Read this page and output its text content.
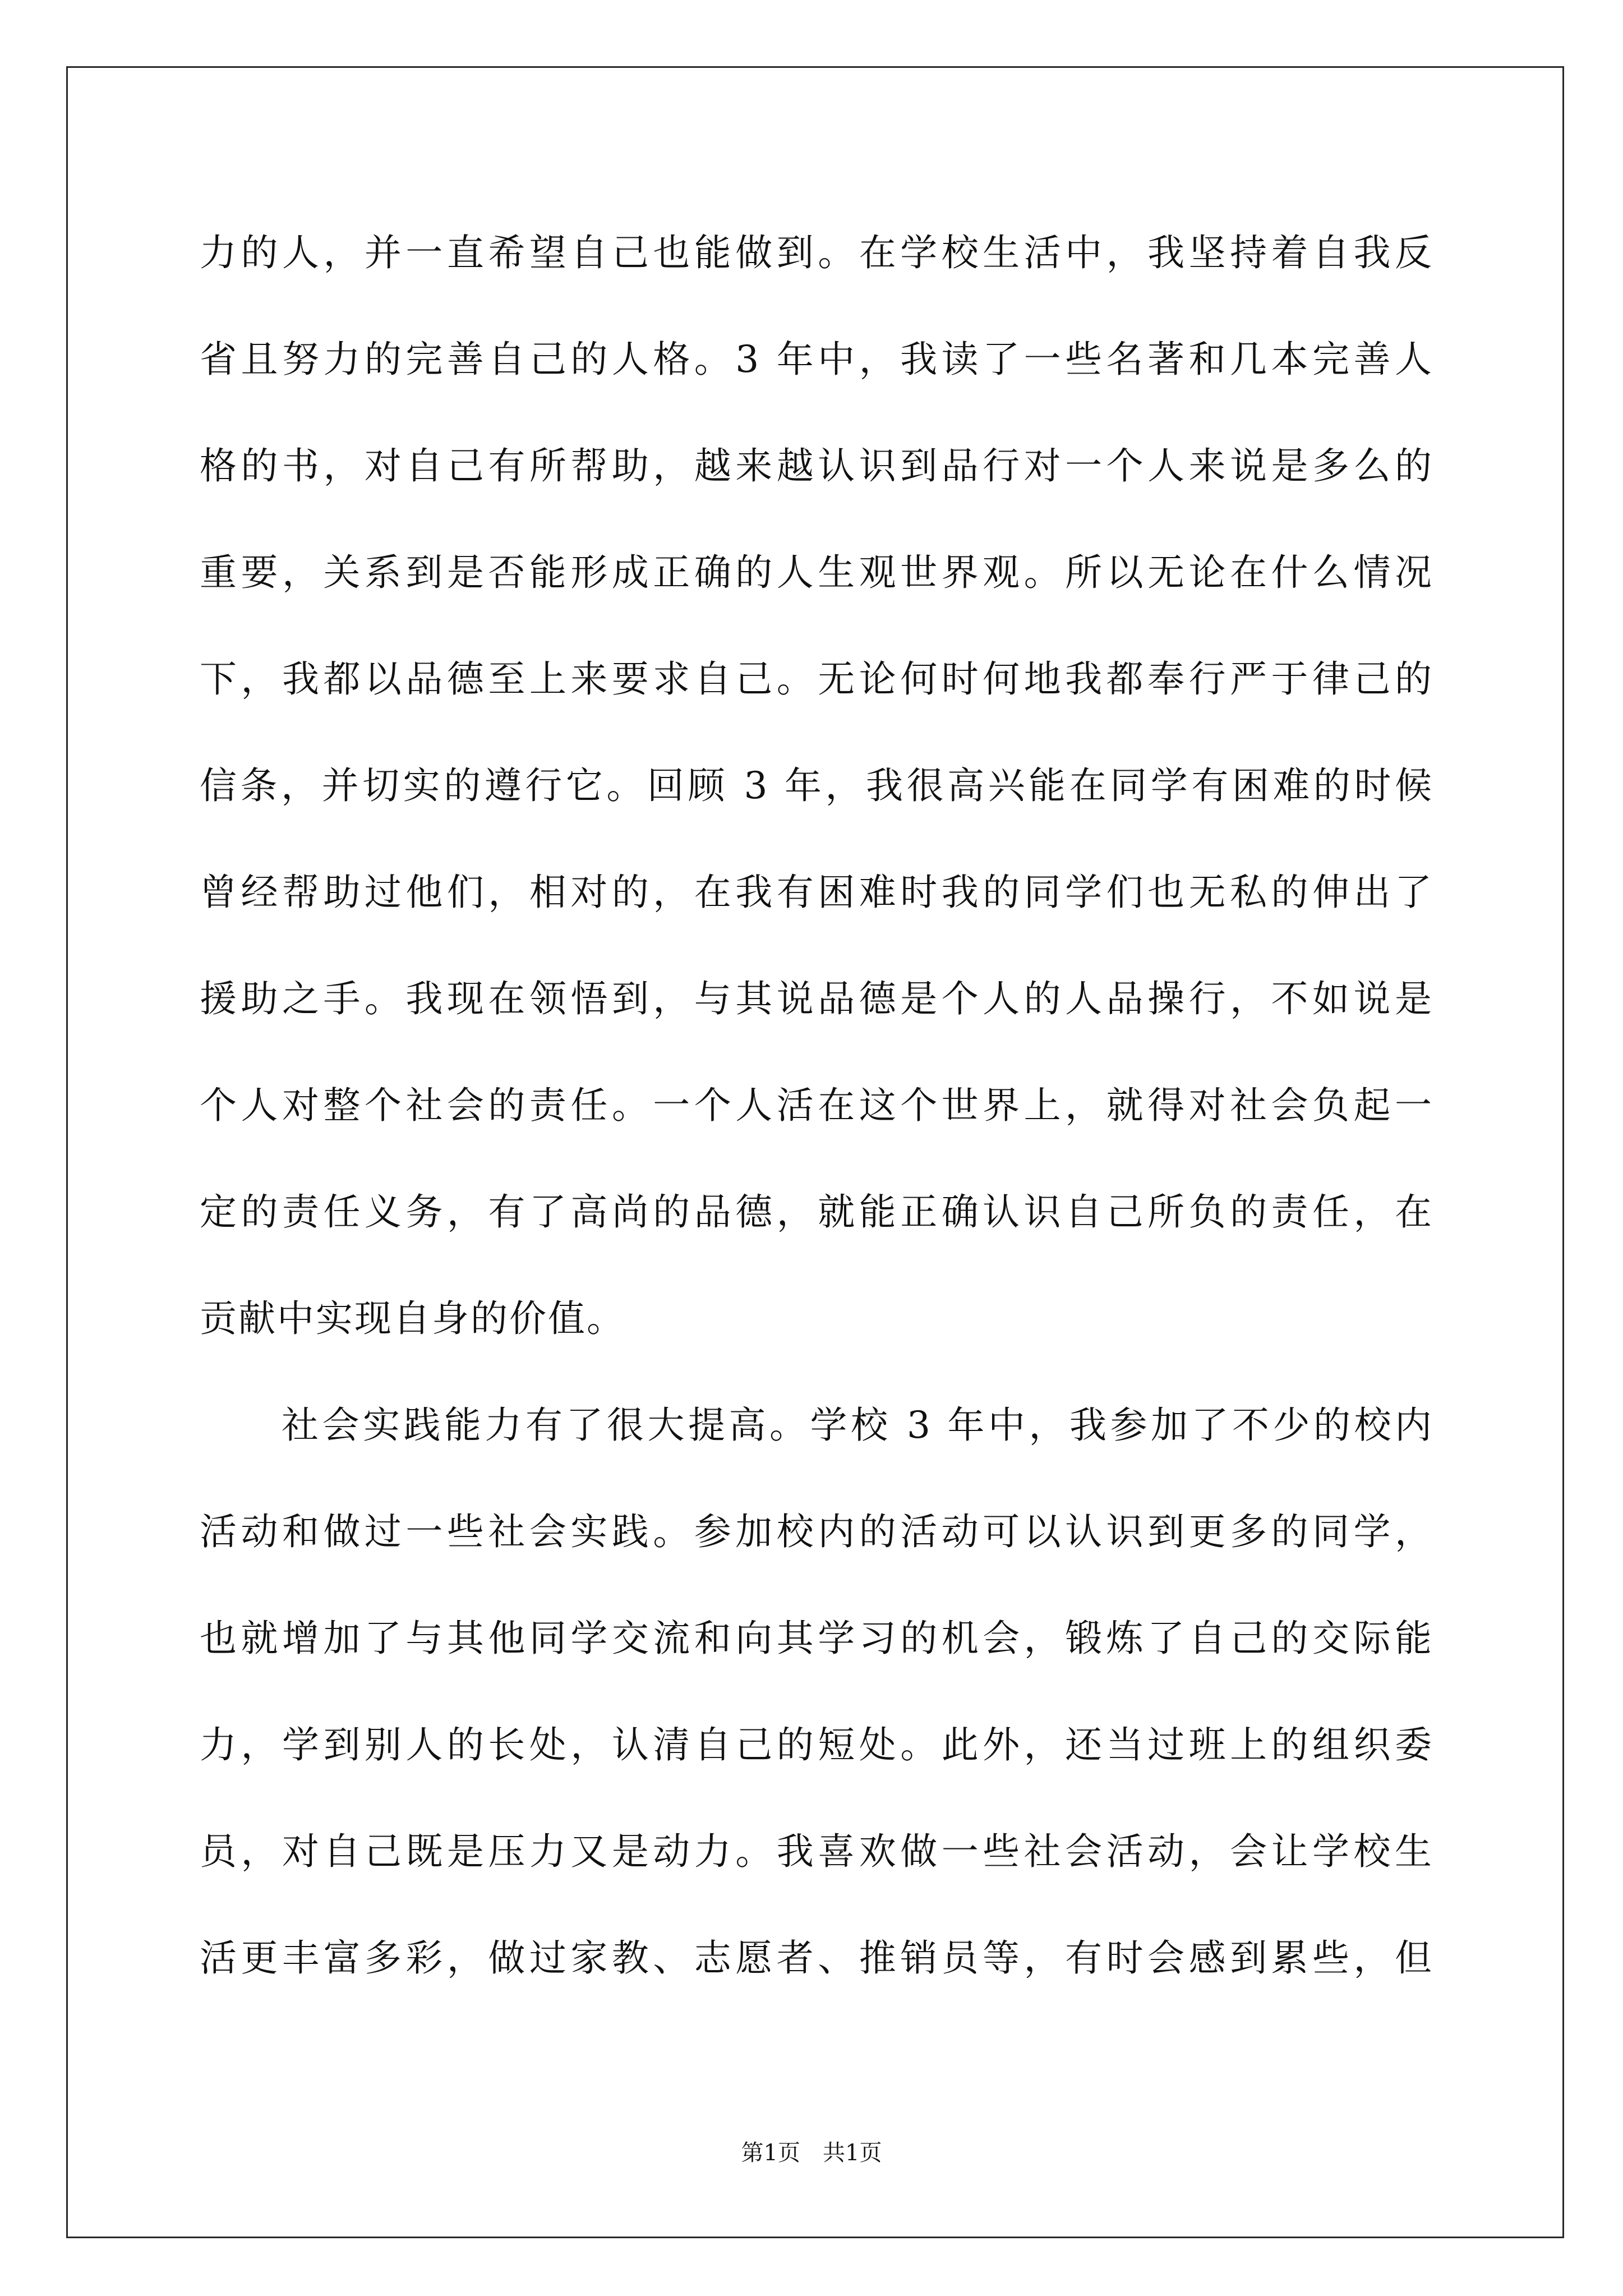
力的人，并一直希望自己也能做到。在学校生活中，我坚持着自我反
省且努力的完善自己的人格。3 年中，我读了一些名著和几本完善人
格的书，对自己有所帮助，越来越认识到品行对一个人来说是多么的
重要，关系到是否能形成正确的人生观世界观。所以无论在什么情况
下，我都以品德至上来要求自己。无论何时何地我都奉行严于律己的
信条，并切实的遵行它。回顾 3 年，我很高兴能在同学有困难的时候
曾经帮助过他们，相对的，在我有困难时我的同学们也无私的伸出了
援助之手。我现在领悟到，与其说品德是个人的人品操行，不如说是
个人对整个社会的责任。一个人活在这个世界上，就得对社会负起一
定的责任义务，有了高尚的品德，就能正确认识自己所负的责任，在
贡献中实现自身的价值。
社会实践能力有了很大提高。学校 3 年中，我参加了不少的校内
活动和做过一些社会实践。参加校内的活动可以认识到更多的同学，
也就增加了与其他同学交流和向其学习的机会，锻炼了自己的交际能
力，学到别人的长处，认清自己的短处。此外，还当过班上的组织委
员，对自己既是压力又是动力。我喜欢做一些社会活动，会让学校生
活更丰富多彩，做过家教、志愿者、推销员等，有时会感到累些，但
第1页　共1页
